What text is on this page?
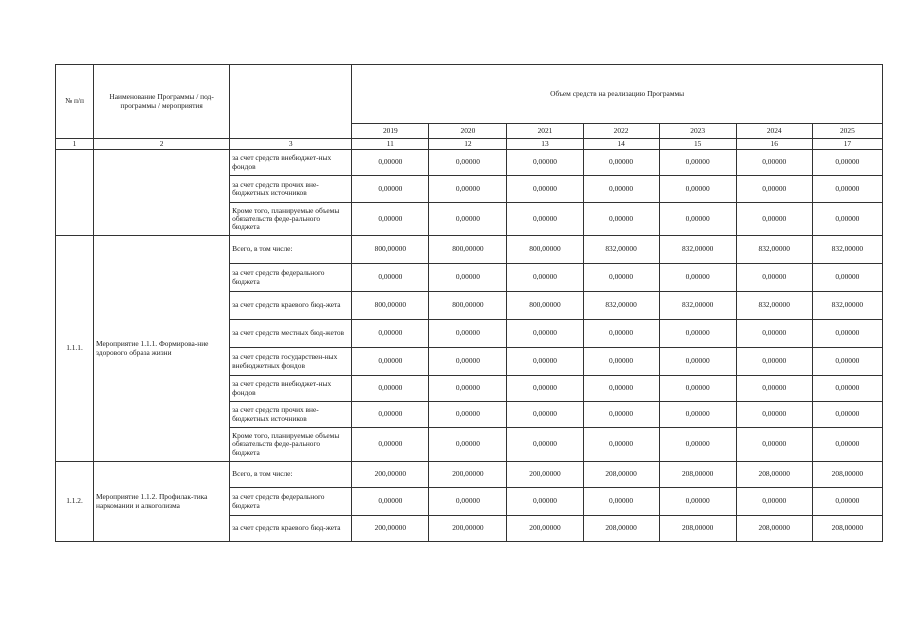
№ п/п	Наименование Программы / под-программы / мероприятия		Объем средств на реализацию Программы						
			2019	2020	2021	2022	2023	2024	2025
1	2	3	11	12	13	14	15	16	17
		за счет средств внебюджет-ных фондов	0,00000	0,00000	0,00000	0,00000	0,00000	0,00000	0,00000
		за счет средств прочих вне-бюджетных источников	0,00000	0,00000	0,00000	0,00000	0,00000	0,00000	0,00000
		Кроме того, планируемые объемы обязательств феде-рального бюджета	0,00000	0,00000	0,00000	0,00000	0,00000	0,00000	0,00000
1.1.1.	Мероприятие 1.1.1. Формирова-ние здорового образа жизни	Всего, в том числе:	800,00000	800,00000	800,00000	832,00000	832,00000	832,00000	832,00000
		за счет средств федерального бюджета	0,00000	0,00000	0,00000	0,00000	0,00000	0,00000	0,00000
		за счет средств краевого бюд-жета	800,00000	800,00000	800,00000	832,00000	832,00000	832,00000	832,00000
		за счет средств местных бюд-жетов	0,00000	0,00000	0,00000	0,00000	0,00000	0,00000	0,00000
		за счет средств государствен-ных внебюджетных фондов	0,00000	0,00000	0,00000	0,00000	0,00000	0,00000	0,00000
		за счет средств внебюджет-ных фондов	0,00000	0,00000	0,00000	0,00000	0,00000	0,00000	0,00000
		за счет средств прочих вне-бюджетных источников	0,00000	0,00000	0,00000	0,00000	0,00000	0,00000	0,00000
		Кроме того, планируемые объемы обязательств феде-рального бюджета	0,00000	0,00000	0,00000	0,00000	0,00000	0,00000	0,00000
1.1.2.	Мероприятие 1.1.2. Профилак-тика наркомании и алкоголизма	Всего, в том числе:	200,00000	200,00000	200,00000	208,00000	208,00000	208,00000	208,00000
		за счет средств федерального бюджета	0,00000	0,00000	0,00000	0,00000	0,00000	0,00000	0,00000
		за счет средств краевого бюд-жета	200,00000	200,00000	200,00000	208,00000	208,00000	208,00000	208,00000
